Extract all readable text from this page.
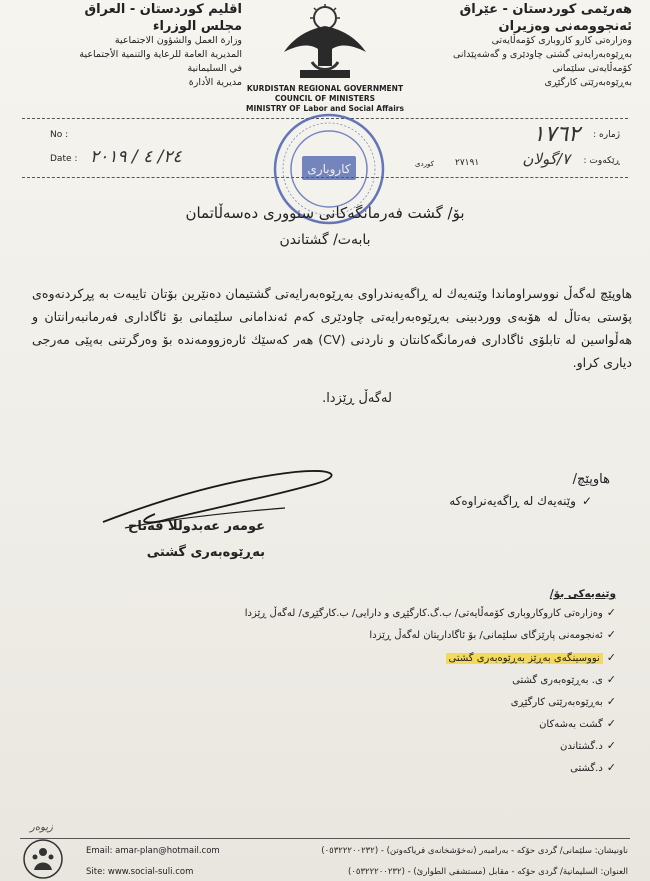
هەرێمی كوردستان - عێراق
ئەنجوومەنی وەزیران
وەزارەتی كارو كاروباری كۆمەڵایەتی
بەڕێوەبەرایەتی گشتی چاودێری و گەشەپێدانی
كۆمەڵایەتی سلێمانی
بەڕێوەبەرێتی كارگێڕی
اقليم كوردستان - العراق
مجلس الوزراء
وزارة العمل والشؤون الاجتماعية
المديرية العامة للرعاية والتنمية الأجتماعية
في السليمانية
مديرية الأدارة
KURDISTAN REGIONAL GOVERNMENT
COUNCIL OF MINISTERS
MINISTRY OF Labor and Social Affairs
No :
Date : ٢٤/ ٤ / ٢٠١٩
ژمارە :
١٧٦٢
ڕێكەوت :
٧/گولان
٢٧١٩١
كوردی
كاروباری
بۆ/ گشت فەرمانگەكانی سنووری دەسەڵاتمان
بابەت/ گشتاندن
هاوپێچ لەگەڵ نووسراوماندا وێنەیەك لە ڕاگەیەندراوی بەڕێوەبەرایەتی گشتیمان دەنێرین بۆتان تایبەت بە پڕكردنەوەی پۆستی بەتاڵ لە هۆبەی ووردبینی بەڕێوەبەرایەتی چاودێری كەم ئەندامانی سلێمانی بۆ ئاگاداری فەرمانبەرانتان و هەڵواسین لە تابلۆی ئاگاداری فەرمانگەكانتان و ناردنی (CV) هەر كەسێك ئارەزوومەندە بۆ وەرگرتنی بەپێی مەرجی دیاری كراو.
لەگەڵ ڕێزدا.
هاوپێچ/
✓وێنەیەك لە ڕاگەیەنراوەكە
عومەر عەبدوللا فەتاح
بەڕێوەبەری گشتی
وێنەیەكی بۆ/
✓وەزارەتی كاروكاروباری كۆمەڵایەتی/ ب.گ.كارگێڕی و دارایی/ ب.كارگێڕی/ لەگەڵ ڕێزدا
✓ئەنجومەنی پارێزگای سلێمانی/ بۆ ئاگاداریتان لەگەڵ ڕێزدا
✓نووسینگەی بەڕێز بەڕێوەبەری گشتی
✓ی. بەڕێوەبەری گشتی
✓بەڕێوەبەرێتی كارگێڕی
✓گشت بەشەكان
✓د.گشتاندن
✓د.گشتی
زیوەر
Email: amar-plan@hotmail.com
Site: www.social-suli.com
ناونیشان: سلێمانی/ گردی حۆكە - بەرامبەر (نەخۆشخانەی فریاكەوتن) - (٠٥٣٢٢٢٠٠٢٣٢)
العنوان: السليمانية/ گردی حۆكە - مقابل (مستشفى الطوارئ) - (٠٥٣٢٢٢٠٠٢٣٢)
